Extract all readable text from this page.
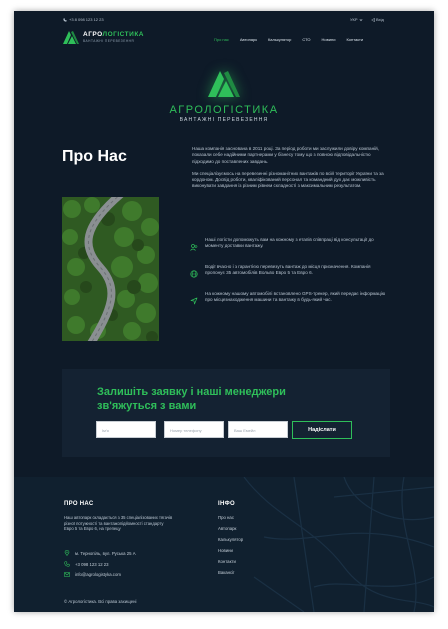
+3 8 098 123 12 23	УКР	Вхід
АГРОЛОГІСТИКА
ВАНТАЖНІ ПЕРЕВЕЗЕННЯ	Про нас	Автопарк	Калькулятор	СТО	Новини	Контакти
АГРОЛОГІСТИКА
ВАНТАЖНІ ПЕРЕВЕЗЕННЯ
Про Нас	Наша компанія заснована в 2011 році. За період роботи ми заслужили довіру компаній, показали себе надійними партнерами у бізнесу тому що з повною відповідальністю підходимо до поставлених завдань.

Ми спеціалізуємось на перевезенні різноманітних вантажів по всій території України та за кордоном. Досвід роботи, кваліфікований персонал та командний дух дає можливість виконувати завдання із різним рівнем складності з максимальним результатом.

Наші логісти допоможуть вам на кожному з етапів співпраці від консультації до моменту доставки вантажу.
Водії вчасно і з гарантією перевезуть вантаж до місця призначення. Компанія пропонує 35 автомобілів Вольво Евро 5 та Евро 6.
На кожному нашому автомобілі встановлено GPS-трекер, який передає інформацію про місцезнаходження машини та вантажу в будь-який час.
Залишіть заявку і наші менеджери зв'яжуться з вами
Ім'я	Номер телефону	Ваш Емейл	Надіслати
ПРО НАС
Наш автопарк складається з 35 спеціалізованих тягачів різної потужності та вантажопідйомності стандарту Евро 5 та Евро 6, на трепецу
м. Тернопіль, вул. Руська 25 А
+3 098 123 12 23
info@agrologistyka.com
ІНФО
Про нас
Автопарк
Калькулятор
Новини
Контакти
Вакансії
© Агрологістика. Всі права захищені
